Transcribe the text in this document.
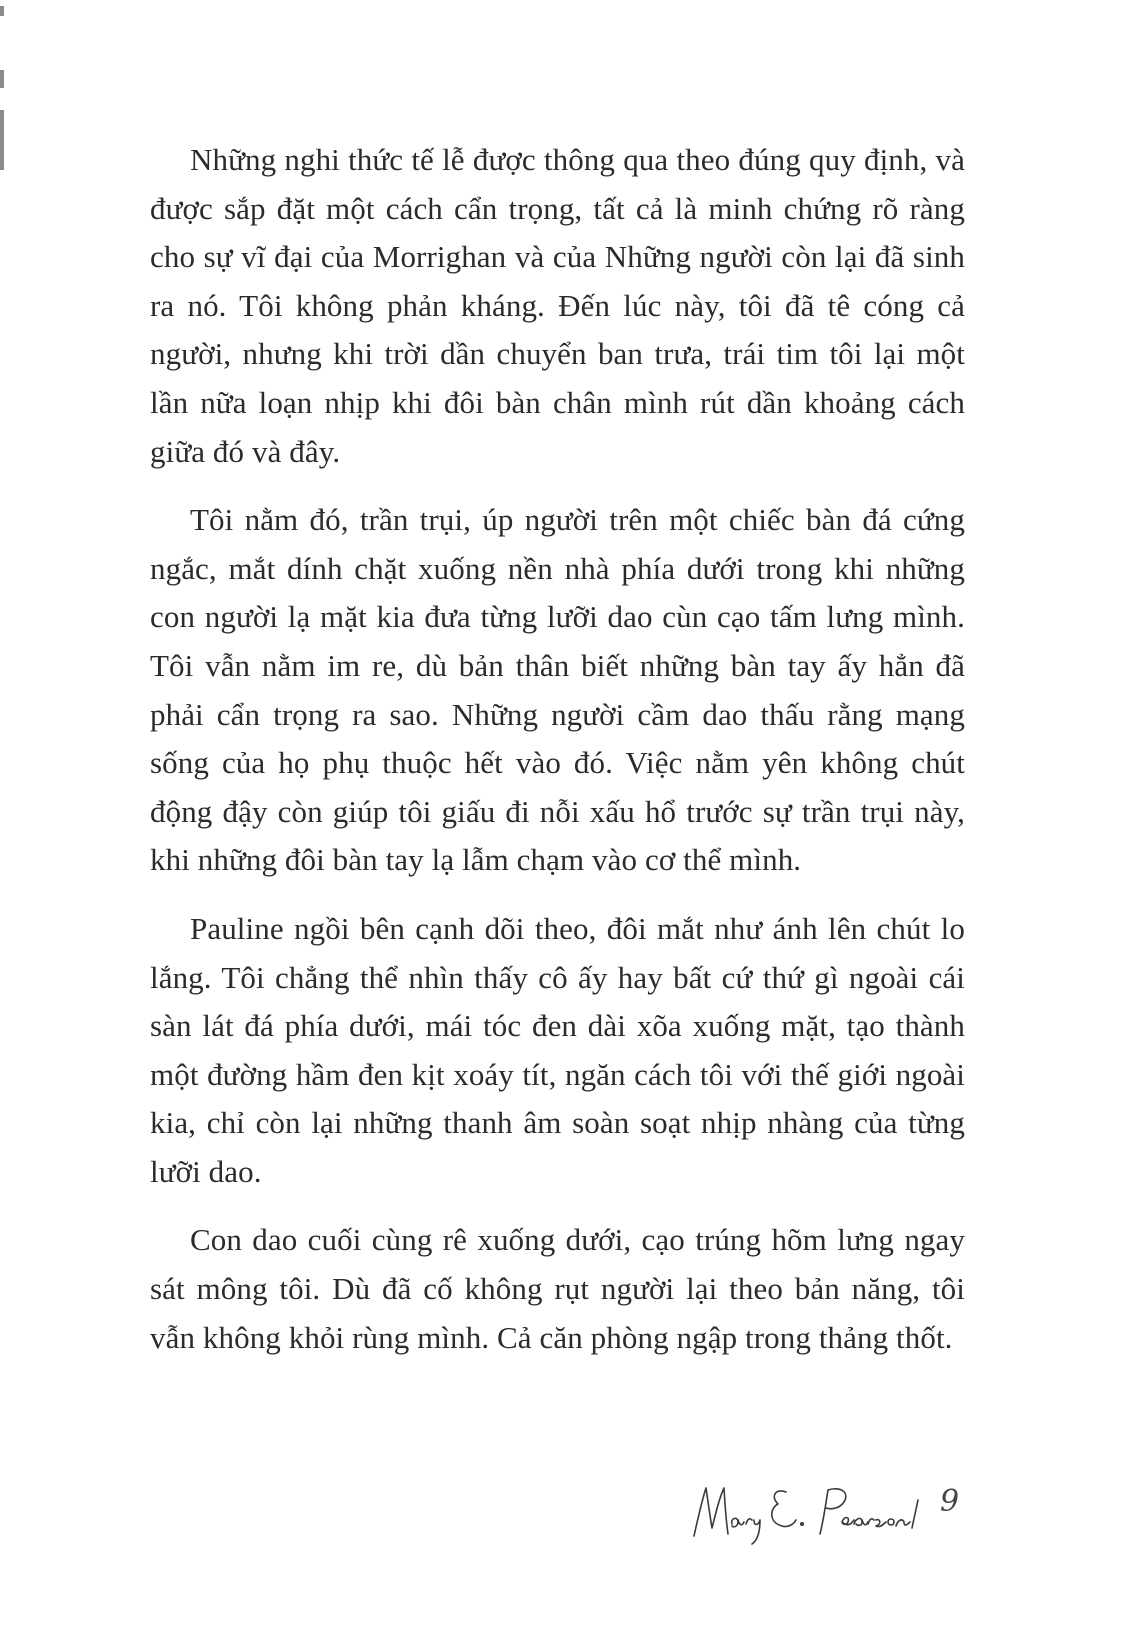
Những nghi thức tế lễ được thông qua theo đúng quy định, và được sắp đặt một cách cẩn trọng, tất cả là minh chứng rõ ràng cho sự vĩ đại của Morrighan và của Những người còn lại đã sinh ra nó. Tôi không phản kháng. Đến lúc này, tôi đã tê cóng cả người, nhưng khi trời dần chuyển ban trưa, trái tim tôi lại một lần nữa loạn nhịp khi đôi bàn chân mình rút dần khoảng cách giữa đó và đây.

Tôi nằm đó, trần trụi, úp người trên một chiếc bàn đá cứng ngắc, mắt dính chặt xuống nền nhà phía dưới trong khi những con người lạ mặt kia đưa từng lưỡi dao cùn cạo tấm lưng mình. Tôi vẫn nằm im re, dù bản thân biết những bàn tay ấy hẳn đã phải cẩn trọng ra sao. Những người cầm dao thấu rằng mạng sống của họ phụ thuộc hết vào đó. Việc nằm yên không chút động đậy còn giúp tôi giấu đi nỗi xấu hổ trước sự trần trụi này, khi những đôi bàn tay lạ lẫm chạm vào cơ thể mình.

Pauline ngồi bên cạnh dõi theo, đôi mắt như ánh lên chút lo lắng. Tôi chẳng thể nhìn thấy cô ấy hay bất cứ thứ gì ngoài cái sàn lát đá phía dưới, mái tóc đen dài xõa xuống mặt, tạo thành một đường hầm đen kịt xoáy tít, ngăn cách tôi với thế giới ngoài kia, chỉ còn lại những thanh âm soàn soạt nhịp nhàng của từng lưỡi dao.

Con dao cuối cùng rê xuống dưới, cạo trúng hõm lưng ngay sát mông tôi. Dù đã cố không rụt người lại theo bản năng, tôi vẫn không khỏi rùng mình. Cả căn phòng ngập trong thảng thốt.

9
